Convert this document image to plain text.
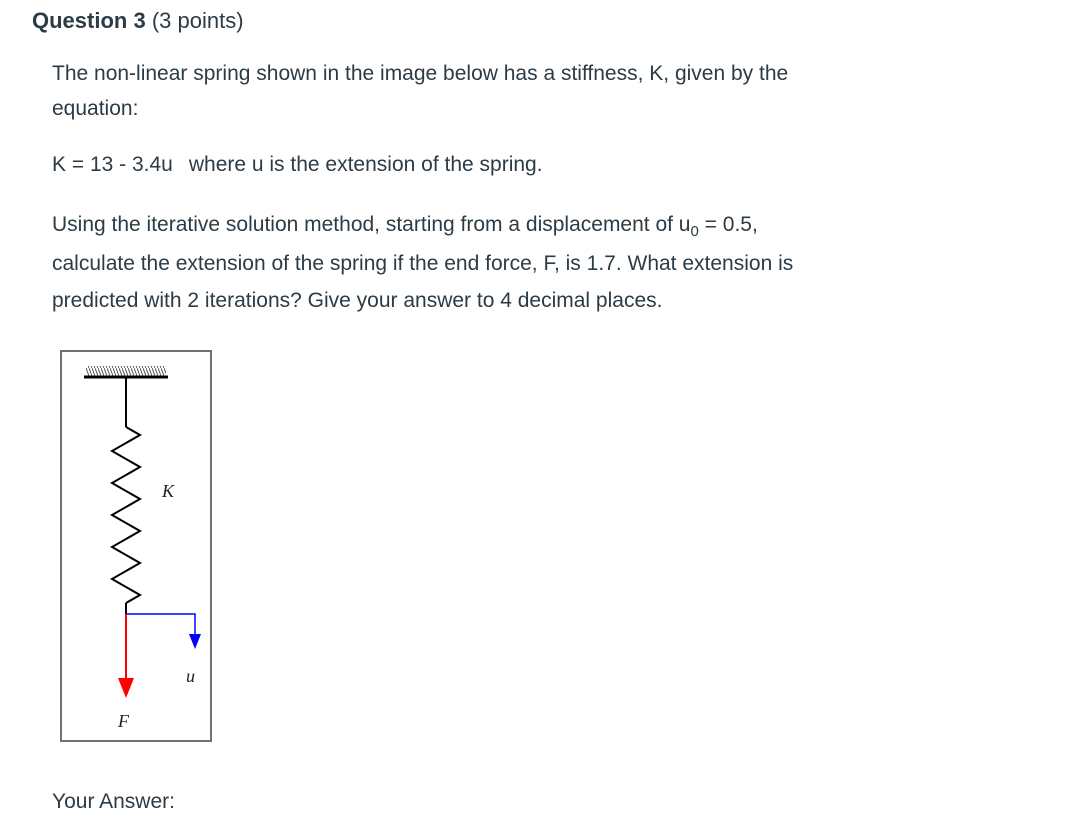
Question 3 (3 points)
The non-linear spring shown in the image below has a stiffness, K, given by the
equation:
K = 13 - 3.4u where u is the extension of the spring.
Using the iterative solution method, starting from a displacement of $u_0 = 0.5$,
calculate the extension of the spring if the end force, F, is 1.7. What extension is
predicted with 2 iterations? Give your answer to 4 decimal places.
K
u
F
Your Answer:
